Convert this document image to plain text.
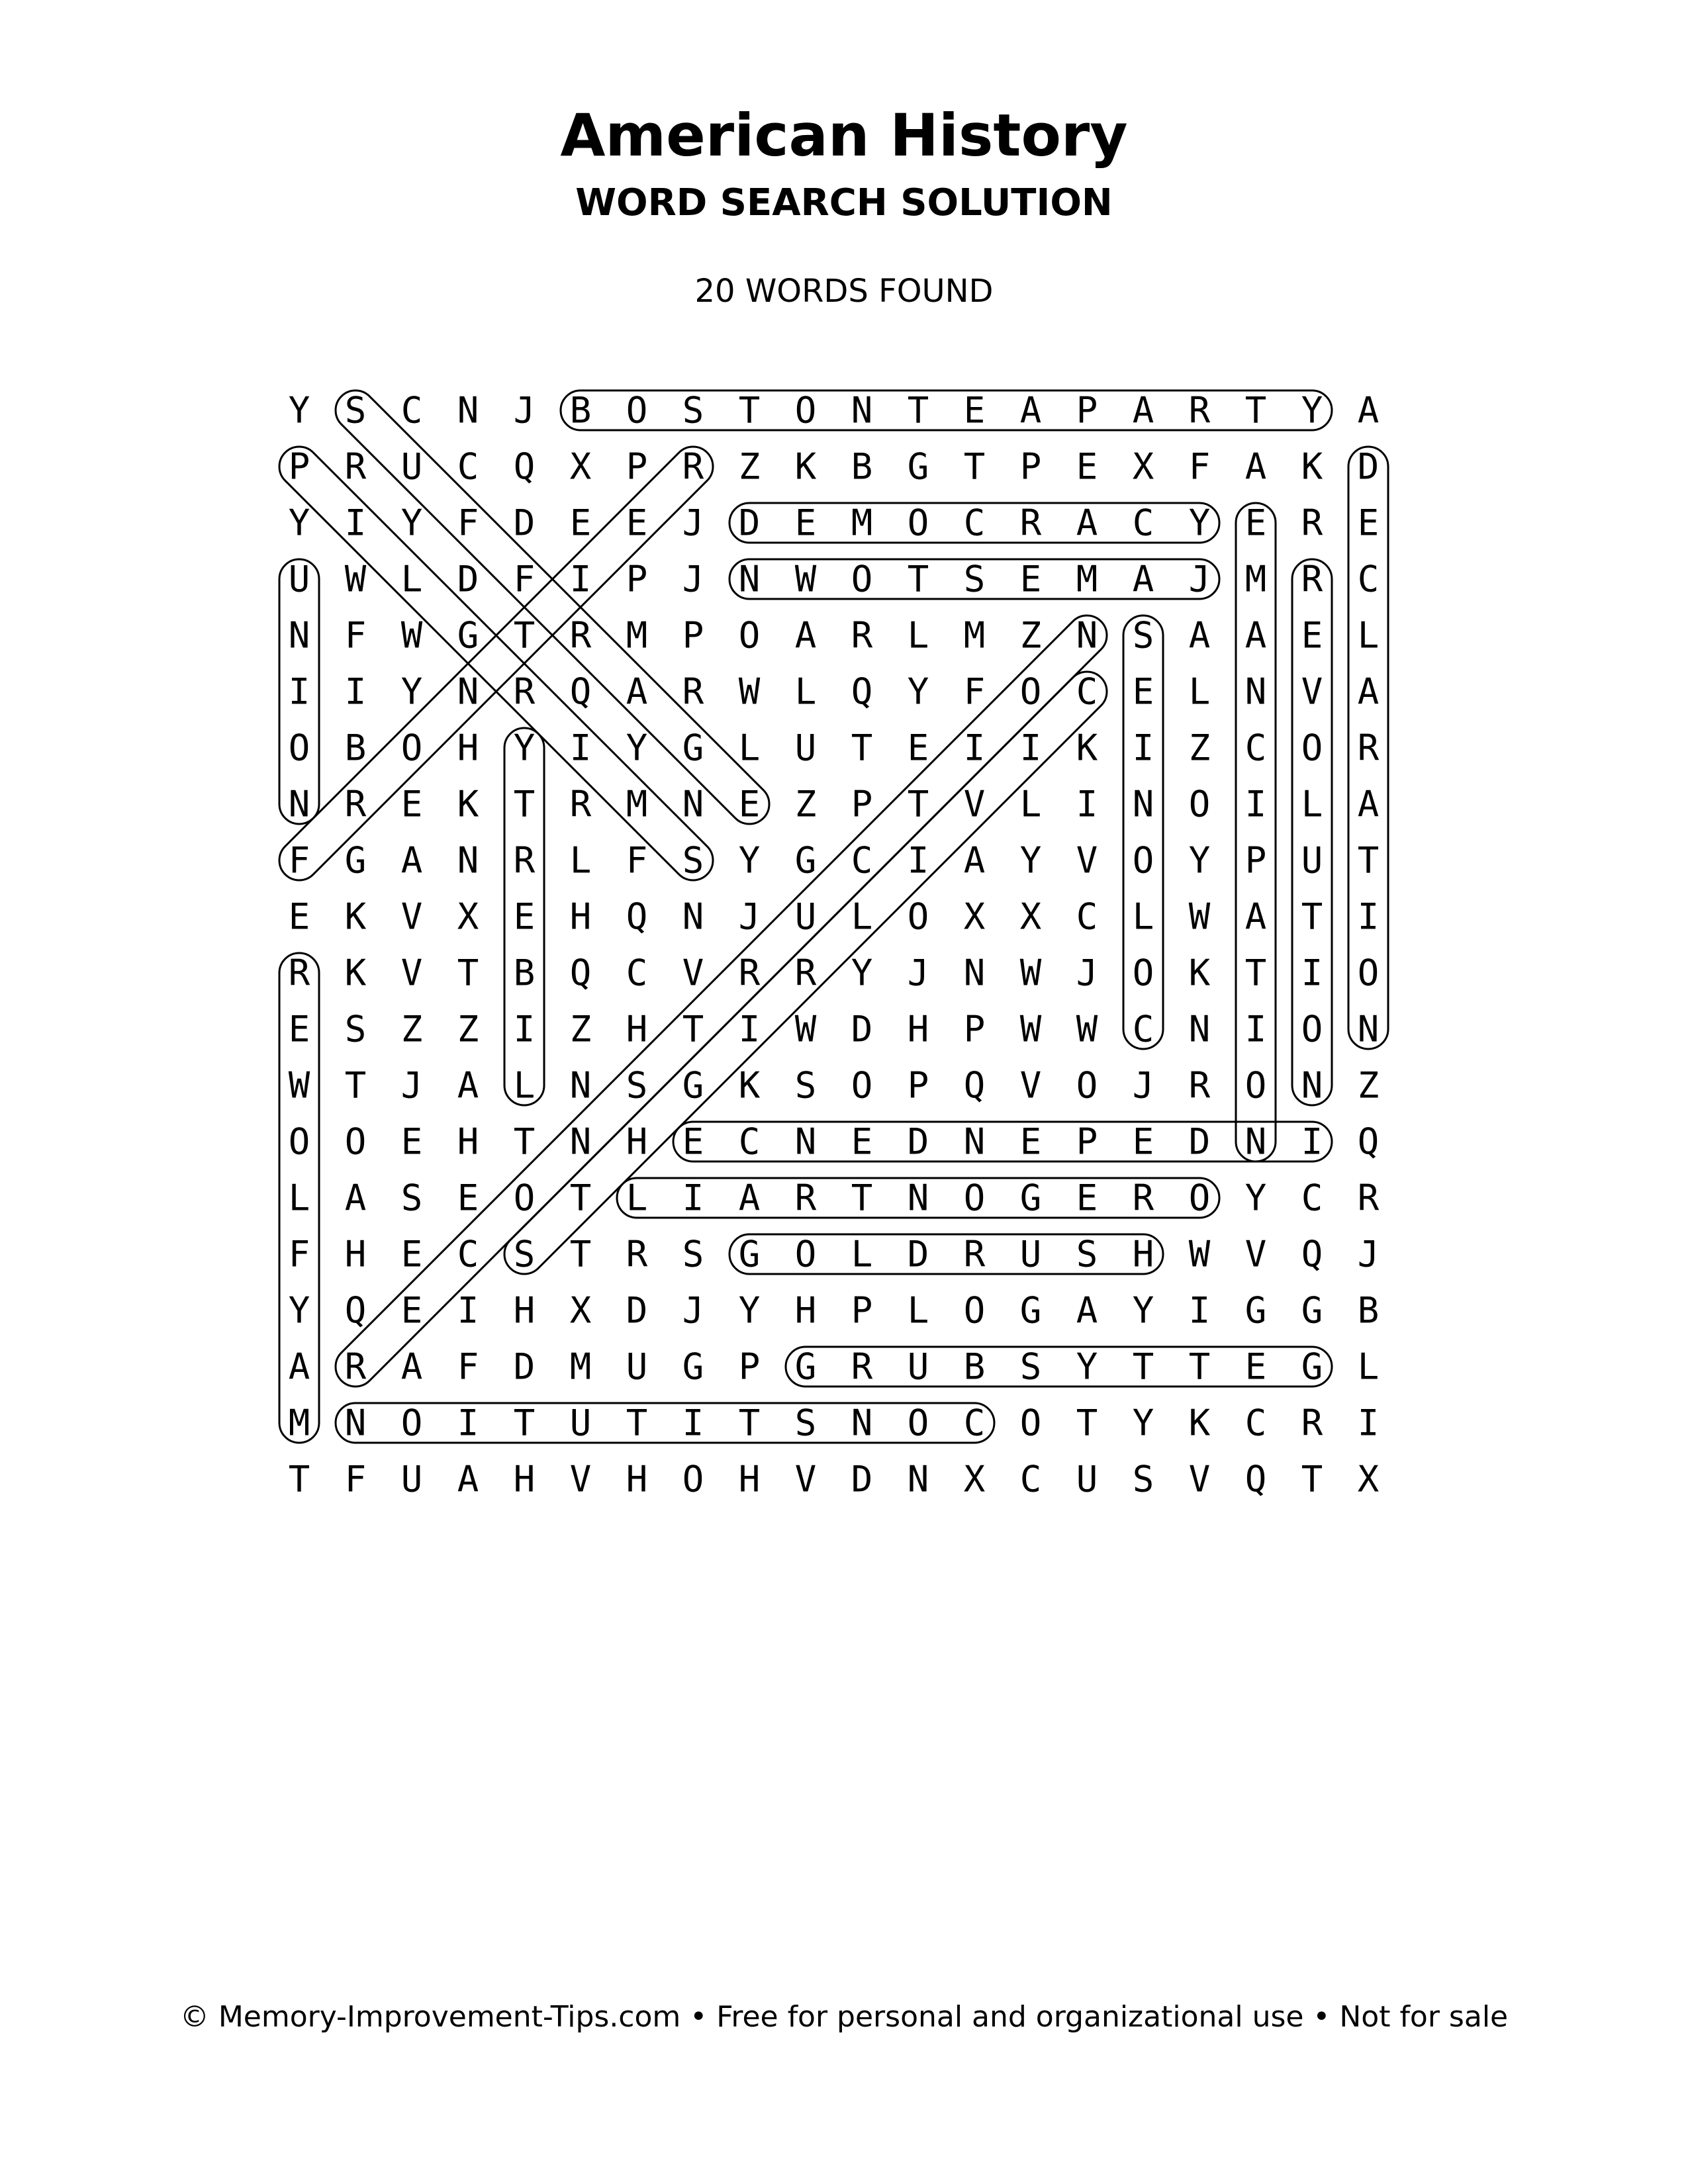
American History
WORD SEARCH SOLUTION
20 WORDS FOUND
Y S C N J B O S T O N T E A P A R T Y A
P R U C Q X P R Z K B G T P E X F A K D
Y I Y F D E E J D E M O C R A C Y E R E
U W L D F I P J N W O T S E M A J M R C
N F W G T R M P O A R L M Z N S A A E L
I I Y N R Q A R W L Q Y F O C E L N V A
O B O H Y I Y G L U T E I I K I Z C O R
N R E K T R M N E Z P T V L I N O I L A
F G A N R L F S Y G C I A Y V O Y P U T
E K V X E H Q N J U L O X X C L W A T I
R K V T B Q C V R R Y J N W J O K T I O
E S Z Z I Z H T I W D H P W W C N I O N
W T J A L N S G K S O P Q V O J R O N Z
O O E H T N H E C N E D N E P E D N I Q
L A S E O T L I A R T N O G E R O Y C R
F H E C S T R S G O L D R U S H W V Q J
Y Q E I H X D J Y H P L O G A Y I G G B
A R A F D M U G P G R U B S Y T T E G L
M N O I T U T I T S N O C O T Y K C R I
T F U A H V H O H V D N X C U S V Q T X
© Memory-Improvement-Tips.com • Free for personal and organizational use • Not for sale
